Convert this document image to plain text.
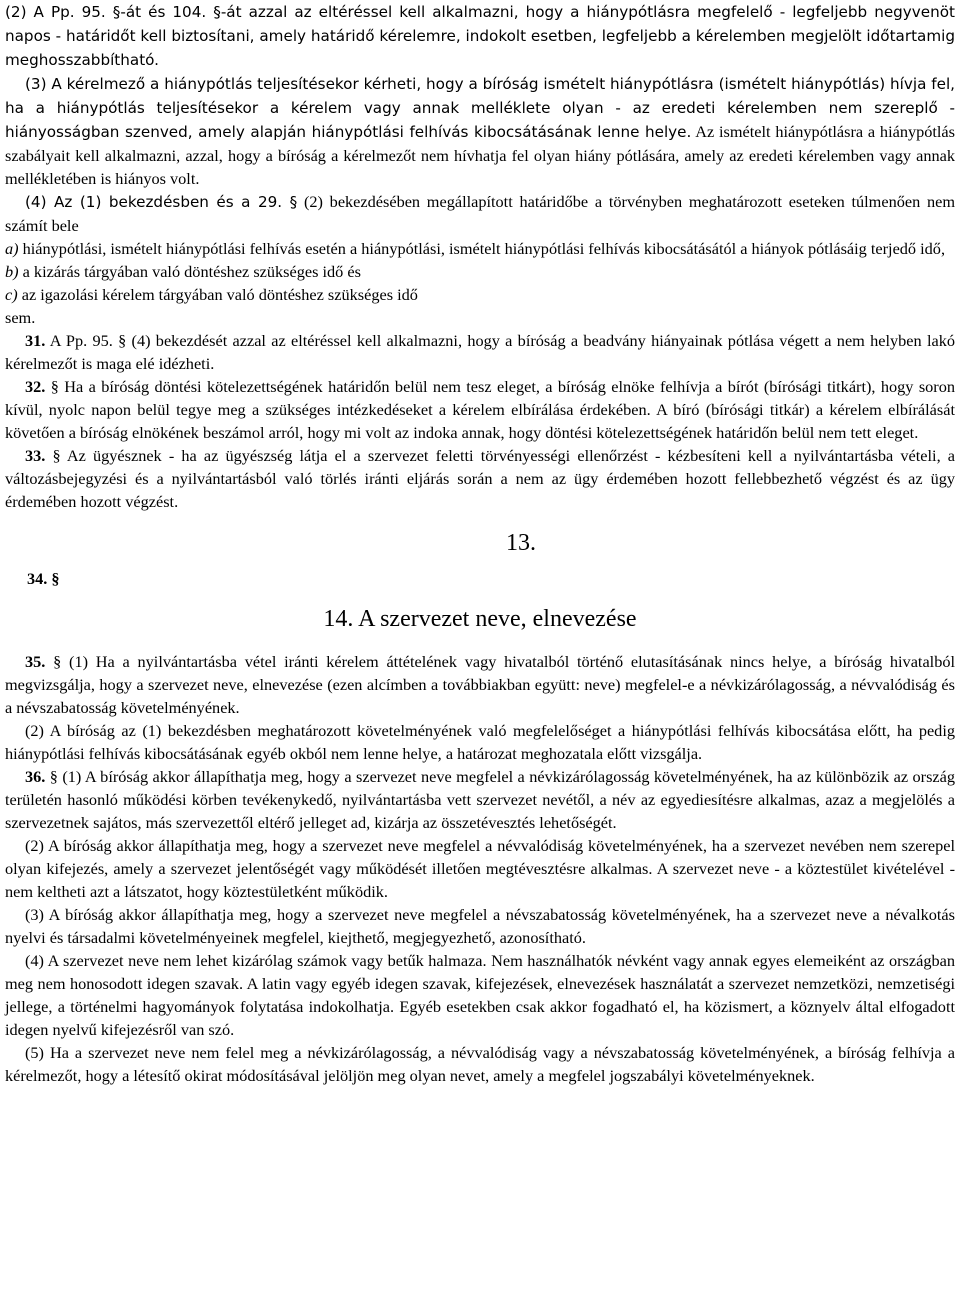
(2) A Pp. 95. §-át és 104. §-át azzal az eltéréssel kell alkalmazni, hogy a hiánypótlásra megfelelő - legfeljebb negyvenöt napos - határidőt kell biztosítani, amely határidő kérelemre, indokolt esetben, legfeljebb a kérelemben megjelölt időtartamig meghosszabbítható.

(3) A kérelmező a hiánypótlás teljesítésekor kérheti, hogy a bíróság ismételt hiánypótlásra (ismételt hiánypótlás) hívja fel, ha a hiánypótlás teljesítésekor a kérelem vagy annak melléklete olyan - az eredeti kérelemben nem szereplő - hiányosságban szenved, amely alapján hiánypótlási felhívás kibocsátásának lenne helye. Az ismételt hiánypótlásra a hiánypótlás szabályait kell alkalmazni, azzal, hogy a bíróság a kérelmezőt nem hívhatja fel olyan hiány pótlására, amely az eredeti kérelemben vagy annak mellékletében is hiányos volt.

(4) Az (1) bekezdésben és a 29. § (2) bekezdésében megállapított határidőbe a törvényben meghatározott eseteken túlmenően nem számít bele

a) hiánypótlási, ismételt hiánypótlási felhívás esetén a hiánypótlási, ismételt hiánypótlási felhívás kibocsátásától a hiányok pótlásáig terjedő idő,

b) a kizárás tárgyában való döntéshez szükséges idő és

c) az igazolási kérelem tárgyában való döntéshez szükséges idő

sem.

31. A Pp. 95. § (4) bekezdését azzal az eltéréssel kell alkalmazni, hogy a bíróság a beadvány hiányainak pótlása végett a nem helyben lakó kérelmezőt is maga elé idézheti.

32. § Ha a bíróság döntési kötelezettségének határidőn belül nem tesz eleget, a bíróság elnöke felhívja a bírót (bírósági titkárt), hogy soron kívül, nyolc napon belül tegye meg a szükséges intézkedéseket a kérelem elbírálása érdekében. A bíró (bírósági titkár) a kérelem elbírálását követően a bíróság elnökének beszámol arról, hogy mi volt az indoka annak, hogy döntési kötelezettségének határidőn belül nem tett eleget.

33. § Az ügyésznek - ha az ügyészség látja el a szervezet feletti törvényességi ellenőrzést - kézbesíteni kell a nyilvántartásba vételi, a változásbejegyzési és a nyilvántartásból való törlés iránti eljárás során a nem az ügy érdemében hozott fellebbezhető végzést és az ügy érdemében hozott végzést.

13.
34. §
14. A szervezet neve, elnevezése

35. § (1) Ha a nyilvántartásba vétel iránti kérelem áttételének vagy hivatalból történő elutasításának nincs helye, a bíróság hivatalból megvizsgálja, hogy a szervezet neve, elnevezése (ezen alcímben a továbbiakban együtt: neve) megfelel-e a névkizárólagosság, a névvalódiság és a névszabatosság követelményének.

(2) A bíróság az (1) bekezdésben meghatározott követelményének való megfelelőséget a hiánypótlási felhívás kibocsátása előtt, ha pedig hiánypótlási felhívás kibocsátásának egyéb okból nem lenne helye, a határozat meghozatala előtt vizsgálja.

36. § (1) A bíróság akkor állapíthatja meg, hogy a szervezet neve megfelel a névkizárólagosság követelményének, ha az különbözik az ország területén hasonló működési körben tevékenykedő, nyilvántartásba vett szervezet nevétől, a név az egyediesítésre alkalmas, azaz a megjelölés a szervezetnek sajátos, más szervezettől eltérő jelleget ad, kizárja az összetévesztés lehetőségét.

(2) A bíróság akkor állapíthatja meg, hogy a szervezet neve megfelel a névvalódiság követelményének, ha a szervezet nevében nem szerepel olyan kifejezés, amely a szervezet jelentőségét vagy működését illetően megtévesztésre alkalmas. A szervezet neve - a köztestület kivételével - nem keltheti azt a látszatot, hogy köztestületként működik.

(3) A bíróság akkor állapíthatja meg, hogy a szervezet neve megfelel a névszabatosság követelményének, ha a szervezet neve a névalkotás nyelvi és társadalmi követelményeinek megfelel, kiejthető, megjegyezhető, azonosítható.

(4) A szervezet neve nem lehet kizárólag számok vagy betűk halmaza. Nem használhatók névként vagy annak egyes elemeiként az országban meg nem honosodott idegen szavak. A latin vagy egyéb idegen szavak, kifejezések, elnevezések használatát a szervezet nemzetközi, nemzetiségi jellege, a történelmi hagyományok folytatása indokolhatja. Egyéb esetekben csak akkor fogadható el, ha közismert, a köznyelv által elfogadott idegen nyelvű kifejezésről van szó.

(5) Ha a szervezet neve nem felel meg a névkizárólagosság, a névvalódiság vagy a névszabatosság követelményének, a bíróság felhívja a kérelmezőt, hogy a létesítő okirat módosításával jelöljön meg olyan nevet, amely a megfelel jogszabályi követelményeknek.
